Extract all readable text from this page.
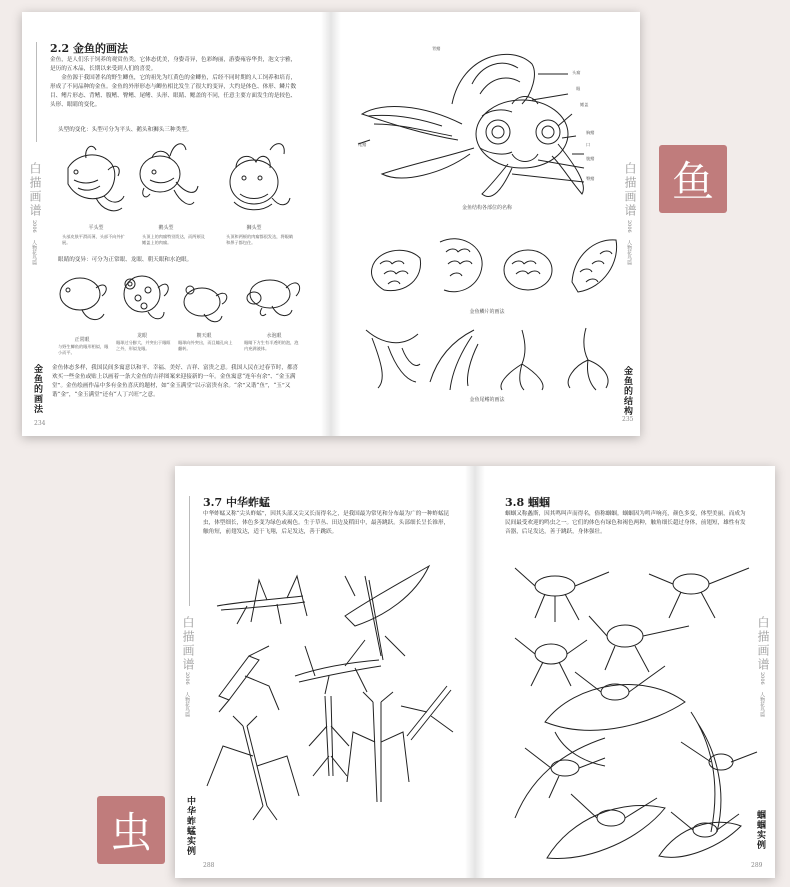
2.2 金鱼的画法
金鱼，是人们乐于饲养的观赏鱼类。它体态优美，身姿奇异，色彩绚丽，游姿雍容华贵，泡文字雅，是历的五木品，长期以来受到人们的喜爱。
　　金鱼源于我国著名的野生鲫鱼，它的祖先为红黄色的金鲫鱼，后经不同时期的人工饲养和培育，形成了不同品种的金鱼。金鱼的外形形态与鲫鱼相比发生了很大的变异，大约是体色、体形、鳞片数目、鳍片形态、背鳍、腹鳍、臀鳍、尾鳍、头形、眼睛、鳃盖的不同，任意主要方面发生的是较色、头形、眼睛的变化。
头型的变化：头型可分为平头、鹅头和狮头三种类型。
平头型	鹅头型	狮头型
头部皮肤平滑而薄，头部不向外扩展。
头顶上的肉瘤特别发达，而两颊及鳃盖上的肉瘤。
头顶和两颊的肉瘤都很发达，将眼睛和鼻子都包住。
眼睛的变异：可分为正常眼、龙眼、朝天眼和水泡眼。
正常眼
龙眼	朝天眼	水泡眼
与野生鲫鱼的眼形相似，眼小而平。
眼球过分膨大，并突出于眼眶之外，形似龙眼。
眼球向外突出，而且瞳孔向上翻转。
眼睛下方生有半透明的泡，泡内充满液体。
金鱼体态多样，我国民间多寓意以和平、幸福、美好、吉祥、富贵之意。我国人民在过春节时，都喜欢买一些金鱼或贴上以画着一条大金鱼的吉祥图案来迎接新的一年。金鱼寓意“连年有余”、“金玉满堂”。金鱼绘画作品中多有金鱼喜庆的题材，如“金玉满堂”以示富贵有余。“余”又谐“鱼”，“玉”又谐“金”，“金玉满堂”还有“人丁兴旺”之意。
金鱼的画法
234
白描画谱
2006
人物花鸟篇
背鳍
头瘤
眼
鳃盖
胸鳍
口
腹鳍
尾鳍
臀鳍
金鱼结构各部位的名称
金鱼鳞片的画法
金鱼尾鳍的画法	金鱼的结构
235
白描画谱
2006
人物花鸟篇
鱼
3.7 中华蚱蜢
中华蚱蜢又称“尖头蚱蜢”，因其头部又尖又长而得名之，是我国最为常见和分布最为广的一种蚱蜢昆虫，体型细长，体色多变为绿色或褐色。生于草丛、田边及稻田中，最善跳跃。头部细长呈长锥形，触角短，前翅发达，适于飞翔，后足发达，善于跳跃。
中华蚱蜢实例
288
白描画谱
2006
人物花鸟篇
3.8 蝈蝈
蝈蝈又称螽斯，因其鸣叫声而得名，俗称蝈蝈。蝈蝈因为鸣声响亮，颜色多变，体型美丽，而成为民间最受欢迎的鸣虫之一。它们的体色有绿色和褐色两种，触角细长超过身体，前翅短，雄性有发音器，后足发达，善于跳跃，身体强壮。
蝈蝈实例
289
白描画谱
2006
人物花鸟篇
虫
